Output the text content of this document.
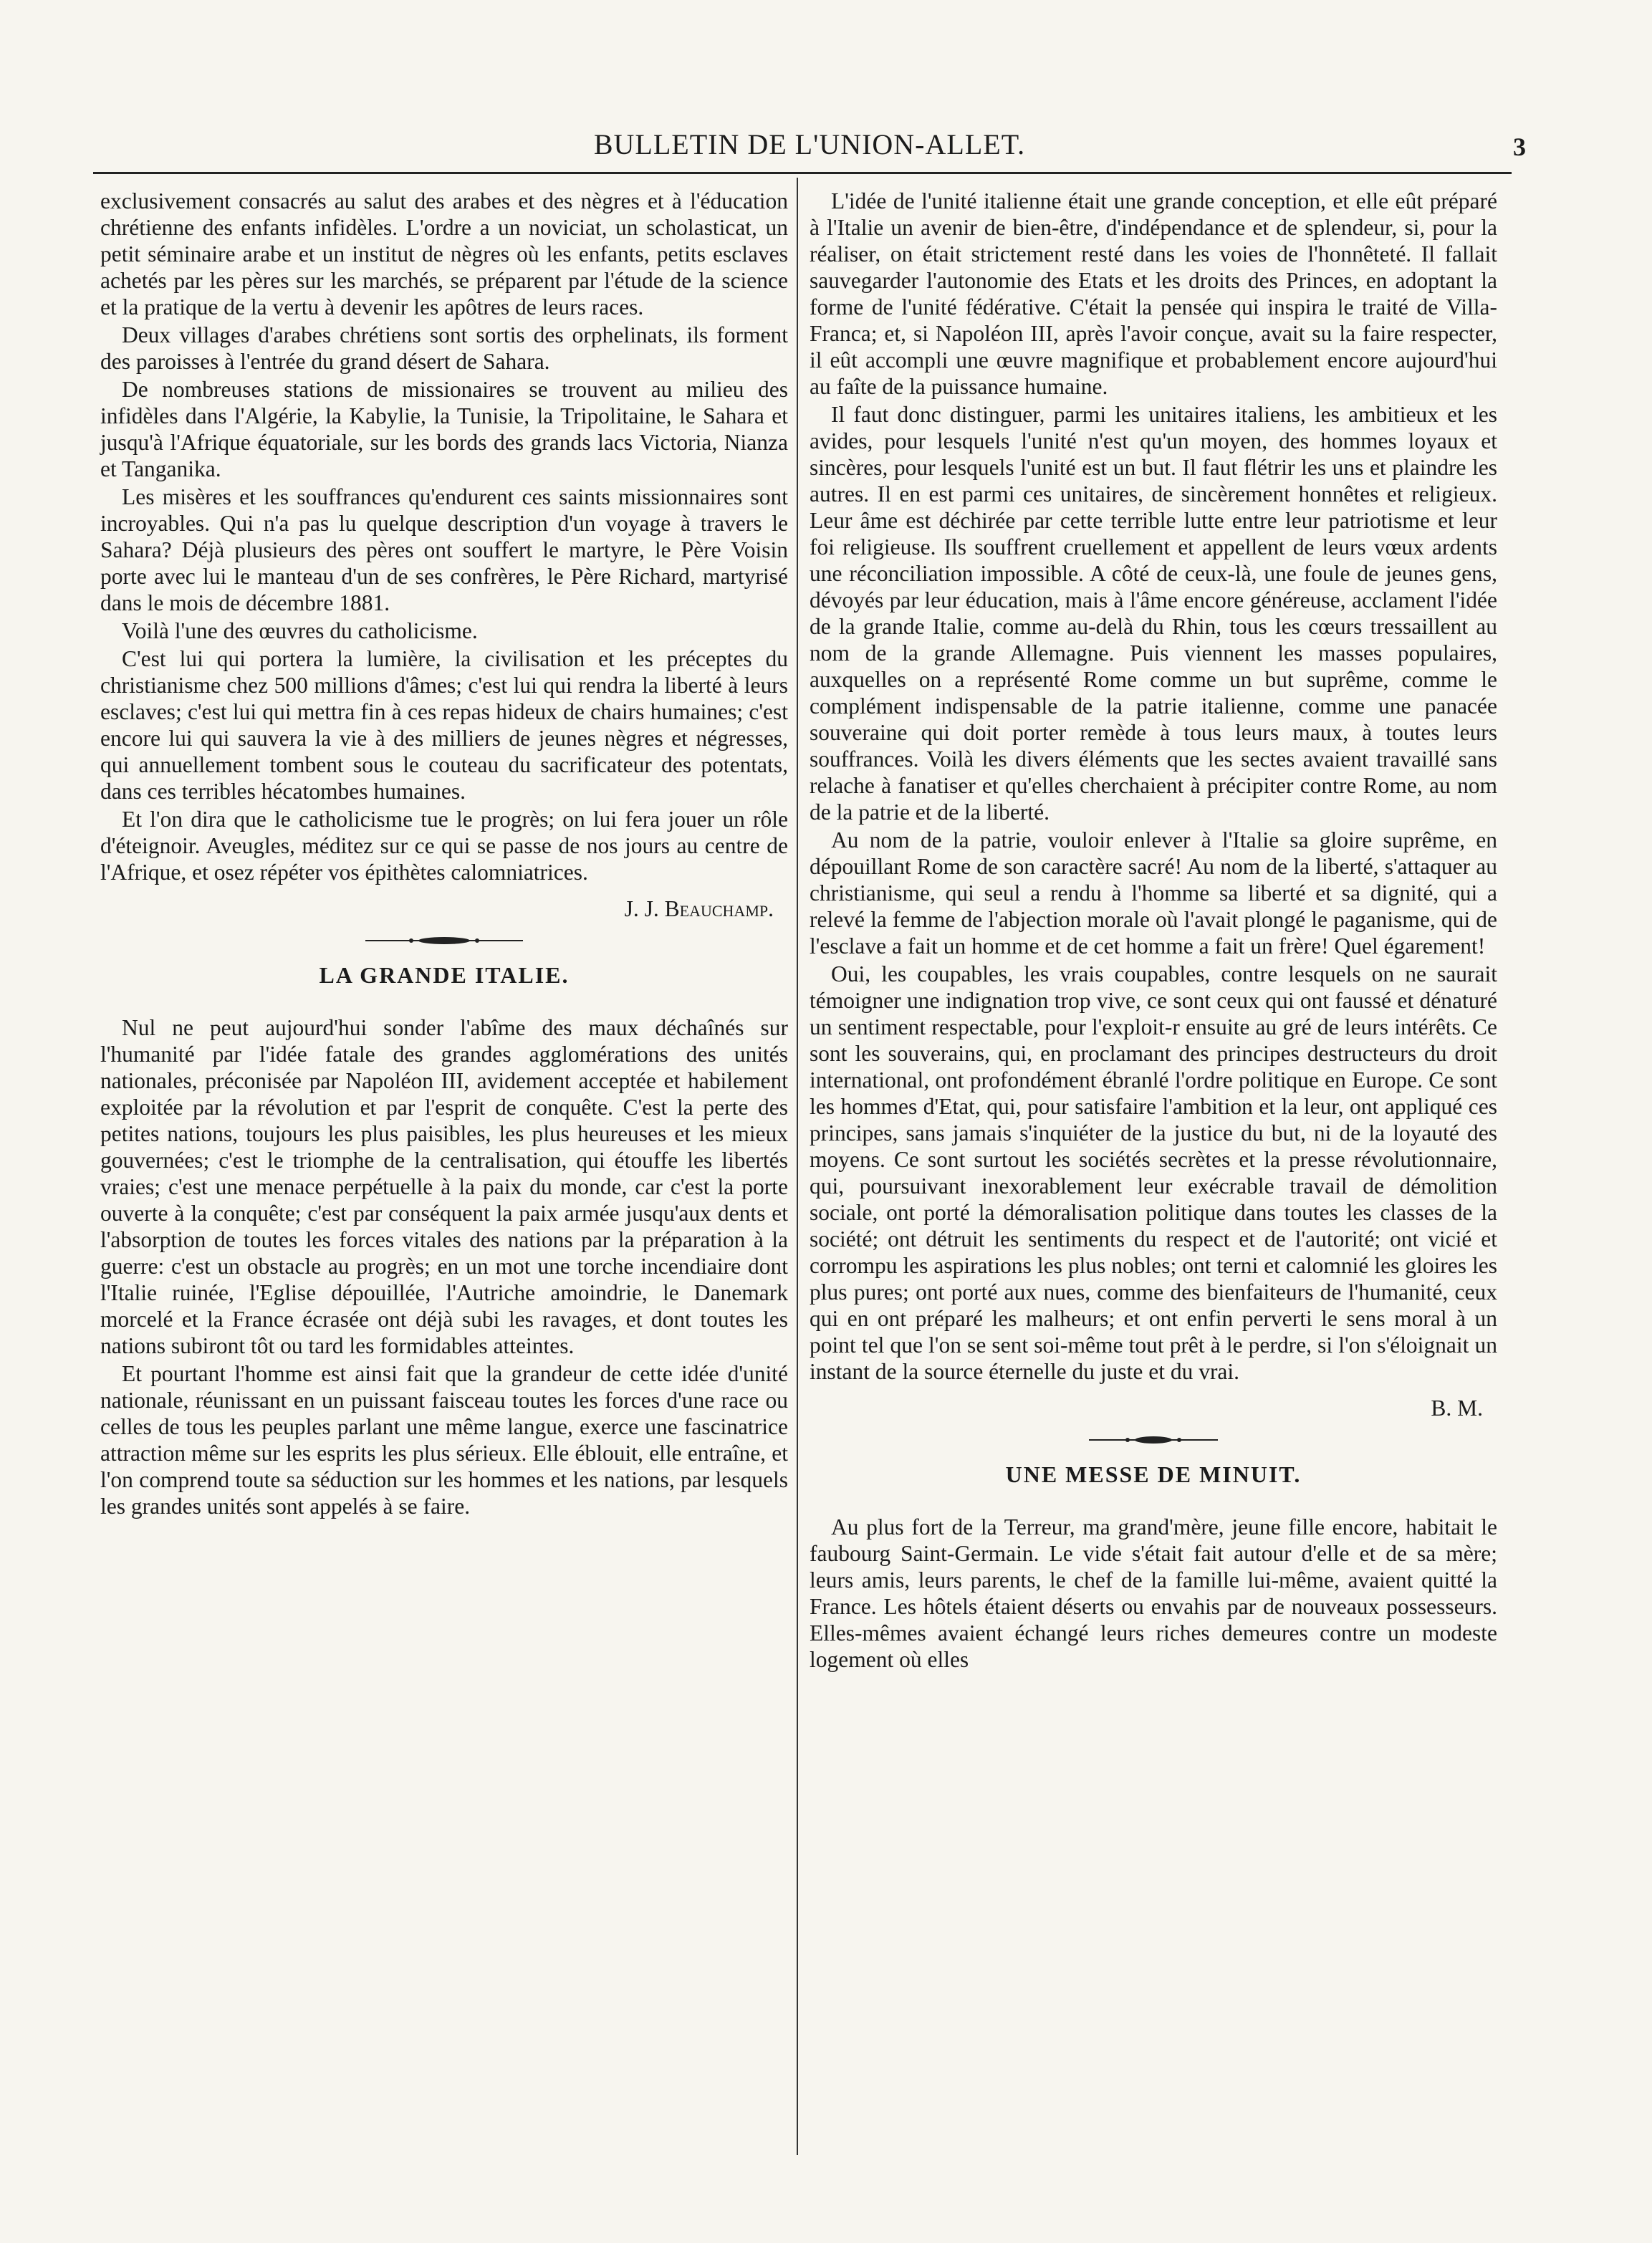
BULLETIN DE L'UNION-ALLET.	3

exclusivement consacrés au salut des arabes et des nègres et à l'éducation chrétienne des enfants infidèles. L'ordre a un noviciat, un scholasticat, un petit séminaire arabe et un institut de nègres où les enfants, petits esclaves achetés par les pères sur les marchés, se préparent par l'étude de la science et la pratique de la vertu à devenir les apôtres de leurs races.

Deux villages d'arabes chrétiens sont sortis des orphelinats, ils forment des paroisses à l'entrée du grand désert de Sahara.

De nombreuses stations de missionaires se trouvent au milieu des infidèles dans l'Algérie, la Kabylie, la Tunisie, la Tripolitaine, le Sahara et jusqu'à l'Afrique équatoriale, sur les bords des grands lacs Victoria, Nianza et Tanganika.

Les misères et les souffrances qu'endurent ces saints missionnaires sont incroyables. Qui n'a pas lu quelque description d'un voyage à travers le Sahara? Déjà plusieurs des pères ont souffert le martyre, le Père Voisin porte avec lui le manteau d'un de ses confrères, le Père Richard, martyrisé dans le mois de décembre 1881.

Voilà l'une des œuvres du catholicisme.

C'est lui qui portera la lumière, la civilisation et les préceptes du christianisme chez 500 millions d'âmes; c'est lui qui rendra la liberté à leurs esclaves; c'est lui qui mettra fin à ces repas hideux de chairs humaines; c'est encore lui qui sauvera la vie à des milliers de jeunes nègres et négresses, qui annuellement tombent sous le couteau du sacrificateur des potentats, dans ces terribles hécatombes humaines.

Et l'on dira que le catholicisme tue le progrès; on lui fera jouer un rôle d'éteignoir. Aveugles, méditez sur ce qui se passe de nos jours au centre de l'Afrique, et osez répéter vos épithètes calomniatrices.

J. J. Beauchamp.

LA GRANDE ITALIE.

Nul ne peut aujourd'hui sonder l'abîme des maux déchaînés sur l'humanité par l'idée fatale des grandes agglomérations des unités nationales, préconisée par Napoléon III, avidement acceptée et habilement exploitée par la révolution et par l'esprit de conquête. C'est la perte des petites nations, toujours les plus paisibles, les plus heureuses et les mieux gouvernées; c'est le triomphe de la centralisation, qui étouffe les libertés vraies; c'est une menace perpétuelle à la paix du monde, car c'est la porte ouverte à la conquête; c'est par conséquent la paix armée jusqu'aux dents et l'absorption de toutes les forces vitales des nations par la préparation à la guerre: c'est un obstacle au progrès; en un mot une torche incendiaire dont l'Italie ruinée, l'Eglise dépouillée, l'Autriche amoindrie, le Danemark morcelé et la France écrasée ont déjà subi les ravages, et dont toutes les nations subiront tôt ou tard les formidables atteintes.

Et pourtant l'homme est ainsi fait que la grandeur de cette idée d'unité nationale, réunissant en un puissant faisceau toutes les forces d'une race ou celles de tous les peuples parlant une même langue, exerce une fascinatrice attraction même sur les esprits les plus sérieux. Elle éblouit, elle entraîne, et l'on comprend toute sa séduction sur les hommes et les nations, par lesquels les grandes unités sont appelés à se faire.

L'idée de l'unité italienne était une grande conception, et elle eût préparé à l'Italie un avenir de bien-être, d'indépendance et de splendeur, si, pour la réaliser, on était strictement resté dans les voies de l'honnêteté. Il fallait sauvegarder l'autonomie des Etats et les droits des Princes, en adoptant la forme de l'unité fédérative. C'était la pensée qui inspira le traité de Villa-Franca; et, si Napoléon III, après l'avoir conçue, avait su la faire respecter, il eût accompli une œuvre magnifique et probablement encore aujourd'hui au faîte de la puissance humaine.

Il faut donc distinguer, parmi les unitaires italiens, les ambitieux et les avides, pour lesquels l'unité n'est qu'un moyen, des hommes loyaux et sincères, pour lesquels l'unité est un but. Il faut flétrir les uns et plaindre les autres. Il en est parmi ces unitaires, de sincèrement honnêtes et religieux. Leur âme est déchirée par cette terrible lutte entre leur patriotisme et leur foi religieuse. Ils souffrent cruellement et appellent de leurs vœux ardents une réconciliation impossible. A côté de ceux-là, une foule de jeunes gens, dévoyés par leur éducation, mais à l'âme encore généreuse, acclament l'idée de la grande Italie, comme au-delà du Rhin, tous les cœurs tressaillent au nom de la grande Allemagne. Puis viennent les masses populaires, auxquelles on a représenté Rome comme un but suprême, comme le complément indispensable de la patrie italienne, comme une panacée souveraine qui doit porter remède à tous leurs maux, à toutes leurs souffrances. Voilà les divers éléments que les sectes avaient travaillé sans relache à fanatiser et qu'elles cherchaient à précipiter contre Rome, au nom de la patrie et de la liberté.

Au nom de la patrie, vouloir enlever à l'Italie sa gloire suprême, en dépouillant Rome de son caractère sacré! Au nom de la liberté, s'attaquer au christianisme, qui seul a rendu à l'homme sa liberté et sa dignité, qui a relevé la femme de l'abjection morale où l'avait plongé le paganisme, qui de l'esclave a fait un homme et de cet homme a fait un frère! Quel égarement!

Oui, les coupables, les vrais coupables, contre lesquels on ne saurait témoigner une indignation trop vive, ce sont ceux qui ont faussé et dénaturé un sentiment respectable, pour l'exploit-r ensuite au gré de leurs intérêts. Ce sont les souverains, qui, en proclamant des principes destructeurs du droit international, ont profondément ébranlé l'ordre politique en Europe. Ce sont les hommes d'Etat, qui, pour satisfaire l'ambition et la leur, ont appliqué ces principes, sans jamais s'inquiéter de la justice du but, ni de la loyauté des moyens. Ce sont surtout les sociétés secrètes et la presse révolutionnaire, qui, poursuivant inexorablement leur exécrable travail de démolition sociale, ont porté la démoralisation politique dans toutes les classes de la société; ont détruit les sentiments du respect et de l'autorité; ont vicié et corrompu les aspirations les plus nobles; ont terni et calomnié les gloires les plus pures; ont porté aux nues, comme des bienfaiteurs de l'humanité, ceux qui en ont préparé les malheurs; et ont enfin perverti le sens moral à un point tel que l'on se sent soi-même tout prêt à le perdre, si l'on s'éloignait un instant de la source éternelle du juste et du vrai.

B. M.

UNE MESSE DE MINUIT.

Au plus fort de la Terreur, ma grand'mère, jeune fille encore, habitait le faubourg Saint-Germain. Le vide s'était fait autour d'elle et de sa mère; leurs amis, leurs parents, le chef de la famille lui-même, avaient quitté la France. Les hôtels étaient déserts ou envahis par de nouveaux possesseurs. Elles-mêmes avaient échangé leurs riches demeures contre un modeste logement où elles
